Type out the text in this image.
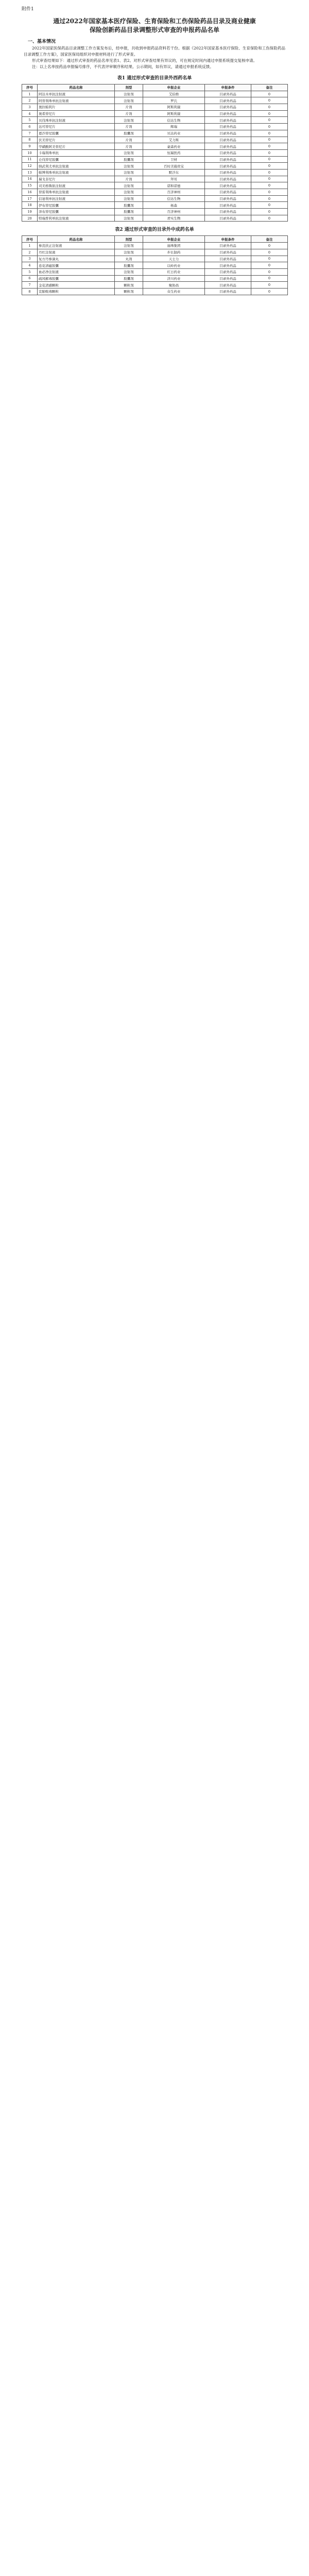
附件1
通过2022年国家基本医疗保险、生育保险和工伤保险药品目录及商业健康保险创新药品目录调整形式审查的申报药品名单
一、基本情况

2022年国家医保药品目录调整工作方案发布后，经申报，共收到申报药品资料若干份。根据《2022年国家基本医疗保险、生育保险和工伤保险药品目录调整工作方案》，国家医保局组织对申报材料进行了形式审查。

形式审查结果如下：通过形式审查的药品名单见表1、表2。对形式审查结果有异议的，可在规定时间内通过申报系统提交复核申请。

注：以上名单按药品申报编号排序，不代表评审顺序和结果。公示期间，如有异议，请通过申报系统反馈。

表1 通过形式审查的目录外西药名单
序号	药品名称	剂型	申报企业	申报条件	备注
1	阿达木单抗注射液	注射剂	艾伯维	目录外药品	0
2	阿替利珠单抗注射液	注射剂	罗氏	目录外药品	0
3	奥拉帕利片	片剂	阿斯利康	目录外药品	0
4	奥希替尼片	片剂	阿斯利康	目录外药品	0
5	贝伐珠单抗注射液	注射剂	信达生物	目录外药品	0
6	达可替尼片	片剂	辉瑞	目录外药品	0
7	恩沙替尼胶囊	胶囊剂	贝达药业	目录外药品	0
8	伏美替尼片	片剂	艾力斯	目录外药品	0
9	甲磺酸阿美替尼片	片剂	豪森药业	目录外药品	0
10	卡瑞利珠单抗	注射剂	恒瑞医药	目录外药品	0
11	仑伐替尼胶囊	胶囊剂	卫材	目录外药品	0
12	纳武利尤单抗注射液	注射剂	百时美施贵宝	目录外药品	0
13	帕博利珠单抗注射液	注射剂	默沙东	目录外药品	0
14	瑞戈非尼片	片剂	拜耳	目录外药品	0
15	司美格鲁肽注射液	注射剂	诺和诺德	目录外药品	0
16	替雷利珠单抗注射液	注射剂	百济神州	目录外药品	0
17	信迪利单抗注射液	注射剂	信达生物	目录外药品	0
18	伊布替尼胶囊	胶囊剂	杨森	目录外药品	0
19	泽布替尼胶囊	胶囊剂	百济神州	目录外药品	0
20	特瑞普利单抗注射液	注射剂	君实生物	目录外药品	0
表2 通过形式审查的目录外中成药名单
序号	药品名称	剂型	申报企业	申报条件	备注
1	参芪扶正注射液	注射剂	丽珠集团	目录外药品	0
2	丹红注射液	注射剂	步长制药	目录外药品	0
3	复方丹参滴丸	丸剂	天士力	目录外药品	0
4	连花清瘟胶囊	胶囊剂	以岭药业	目录外药品	0
5	血必净注射液	注射剂	红日药业	目录外药品	0
6	疏风解毒胶囊	胶囊剂	济川药业	目录外药品	0
7	金花清感颗粒	颗粒剂	聚协昌	目录外药品	0
8	宣肺败毒颗粒	颗粒剂	众生药业	目录外药品	0
